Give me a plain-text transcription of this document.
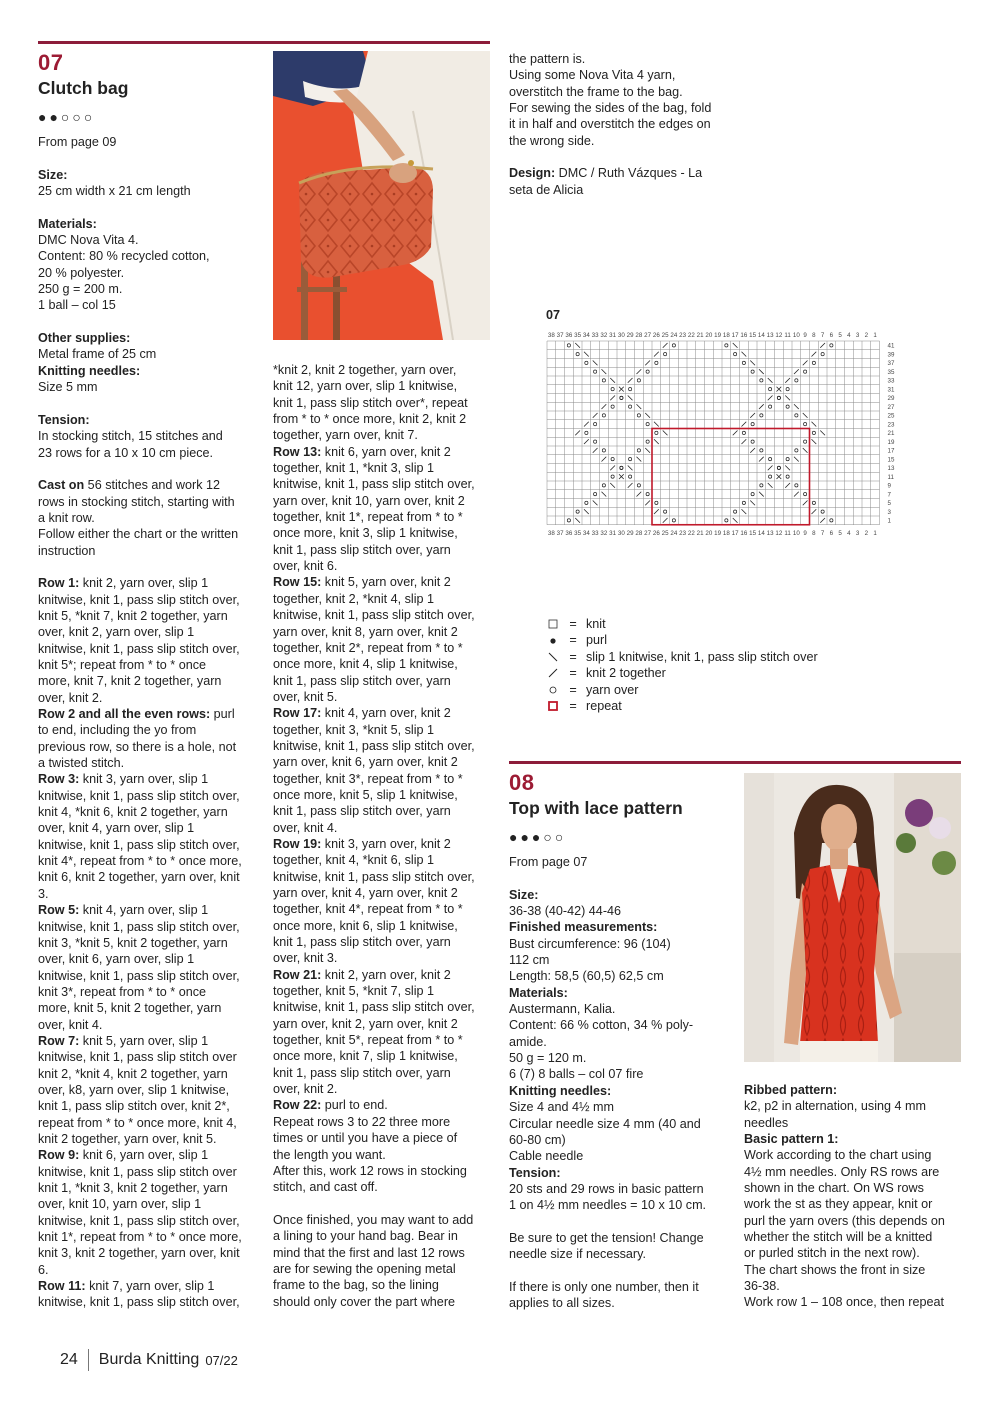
07
Clutch bag
●●○○○

From page 09

Size:

25 cm width x 21 cm length

Materials:

DMC Nova Vita 4.

Content: 80 % recycled cotton,

20 % polyester.

250 g = 200 m.

1 ball – col 15

Other supplies:

Metal frame of 25 cm

Knitting needles:

Size 5 mm

Tension:

In stocking stitch, 15 stitches and

23 rows for a 10 x 10 cm piece.

Cast on 56 stitches and work 12

rows in stocking stitch, starting with

a knit row.

Follow either the chart or the written

instruction

Row 1: knit 2, yarn over, slip 1

knitwise, knit 1, pass slip stitch over,

knit 5, *knit 7, knit 2 together, yarn

over, knit 2, yarn over, slip 1

knitwise, knit 1, pass slip stitch over,

knit 5*; repeat from * to * once

more, knit 7, knit 2 together, yarn

over, knit 2.

Row 2 and all the even rows: purl

to end, including the yo from

previous row, so there is a hole, not

a twisted stitch.

Row 3: knit 3, yarn over, slip 1

knitwise, knit 1, pass slip stitch over,

knit 4, *knit 6, knit 2 together, yarn

over, knit 4, yarn over, slip 1

knitwise, knit 1, pass slip stitch over,

knit 4*, repeat from * to * once more,

knit 6, knit 2 together, yarn over, knit

3.

Row 5: knit 4, yarn over, slip 1

knitwise, knit 1, pass slip stitch over,

knit 3, *knit 5, knit 2 together, yarn

over, knit 6, yarn over, slip 1

knitwise, knit 1, pass slip stitch over,

knit 3*, repeat from * to * once

more, knit 5, knit 2 together, yarn

over, knit 4.

Row 7: knit 5, yarn over, slip 1

knitwise, knit 1, pass slip stitch over

knit 2, *knit 4, knit 2 together, yarn

over, k8, yarn over, slip 1 knitwise,

knit 1, pass slip stitch over, knit 2*,

repeat from * to * once more, knit 4,

knit 2 together, yarn over, knit 5.

Row 9: knit 6, yarn over, slip 1

knitwise, knit 1, pass slip stitch over

knit 1, *knit 3, knit 2 together, yarn

over, knit 10, yarn over, slip 1

knitwise, knit 1, pass slip stitch over,

knit 1*, repeat from * to * once more,

knit 3, knit 2 together, yarn over, knit

6.

Row 11: knit 7, yarn over, slip 1

knitwise, knit 1, pass slip stitch over,

*knit 2, knit 2 together, yarn over,

knit 12, yarn over, slip 1 knitwise,

knit 1, pass slip stitch over*, repeat

from * to * once more, knit 2, knit 2

together, yarn over, knit 7.

Row 13: knit 6, yarn over, knit 2

together, knit 1, *knit 3, slip 1

knitwise, knit 1, pass slip stitch over,

yarn over, knit 10, yarn over, knit 2

together, knit 1*, repeat from * to *

once more, knit 3, slip 1 knitwise,

knit 1, pass slip stitch over, yarn

over, knit 6.

Row 15: knit 5, yarn over, knit 2

together, knit 2, *knit 4, slip 1

knitwise, knit 1, pass slip stitch over,

yarn over, knit 8, yarn over, knit 2

together, knit 2*, repeat from * to *

once more, knit 4, slip 1 knitwise,

knit 1, pass slip stitch over, yarn

over, knit 5.

Row 17: knit 4, yarn over, knit 2

together, knit 3, *knit 5, slip 1

knitwise, knit 1, pass slip stitch over,

yarn over, knit 6, yarn over, knit 2

together, knit 3*, repeat from * to *

once more, knit 5, slip 1 knitwise,

knit 1, pass slip stitch over, yarn

over, knit 4.

Row 19: knit 3, yarn over, knit 2

together, knit 4, *knit 6, slip 1

knitwise, knit 1, pass slip stitch over,

yarn over, knit 4, yarn over, knit 2

together, knit 4*, repeat from * to *

once more, knit 6, slip 1 knitwise,

knit 1, pass slip stitch over, yarn

over, knit 3.

Row 21: knit 2, yarn over, knit 2

together, knit 5, *knit 7, slip 1

knitwise, knit 1, pass slip stitch over,

yarn over, knit 2, yarn over, knit 2

together, knit 5*, repeat from * to *

once more, knit 7, slip 1 knitwise,

knit 1, pass slip stitch over, yarn

over, knit 2.

Row 22: purl to end.

Repeat rows 3 to 22 three more

times or until you have a piece of

the length you want.

After this, work 12 rows in stocking

stitch, and cast off.

Once finished, you may want to add

a lining to your hand bag. Bear in

mind that the first and last 12 rows

are for sewing the opening metal

frame to the bag, so the lining

should only cover the part where

the pattern is.

Using some Nova Vita 4 yarn,

overstitch the frame to the bag.

For sewing the sides of the bag, fold

it in half and overstitch the edges on

the wrong side.

Design: DMC / Ruth Vázques - La

seta de Alicia

07
38
38
37
37
36
36
35
35
34
34
33
33
32
32
31
31
30
30
29
29
28
28
27
27
26
26
25
25
24
24
23
23
22
22
21
21
20
20
19
19
18
18
17
17
16
16
15
15
14
14
13
13
12
12
11
11
10
10
9
9
8
8
7
7
6
6
5
5
4
4
3
3
2
2
1
1
41
39
37
35
33
31
29
27
25
23
21
19
17
15
13
11
9
7
5
3
1
= knit
= purl
= slip 1 knitwise, knit 1, pass slip stitch over
= knit 2 together
= yarn over
= repeat
08
Top with lace pattern
●●●○○

From page 07

Size:

36-38 (40-42) 44-46

Finished measurements:

Bust circumference: 96 (104)

112 cm

Length: 58,5 (60,5) 62,5 cm

Materials:

Austermann, Kalia.

Content: 66 % cotton, 34 % poly-

amide.

50 g = 120 m.

6 (7) 8 balls – col 07 fire

Knitting needles:

Size 4 and 4½ mm

Circular needle size 4 mm (40 and

60-80 cm)

Cable needle

Tension:

20 sts and 29 rows in basic pattern

1 on 4½ mm needles = 10 x 10 cm.

Be sure to get the tension! Change

needle size if necessary.

If there is only one number, then it

applies to all sizes.

Ribbed pattern:

k2, p2 in alternation, using 4 mm

needles

Basic pattern 1:

Work according to the chart using

4½ mm needles. Only RS rows are

shown in the chart. On WS rows

work the st as they appear, knit or

purl the yarn overs (this depends on

whether the stitch will be a knitted

or purled stitch in the next row).

The chart shows the front in size

36-38.

Work row 1 – 108 once, then repeat

24 Burda Knitting 07/22
